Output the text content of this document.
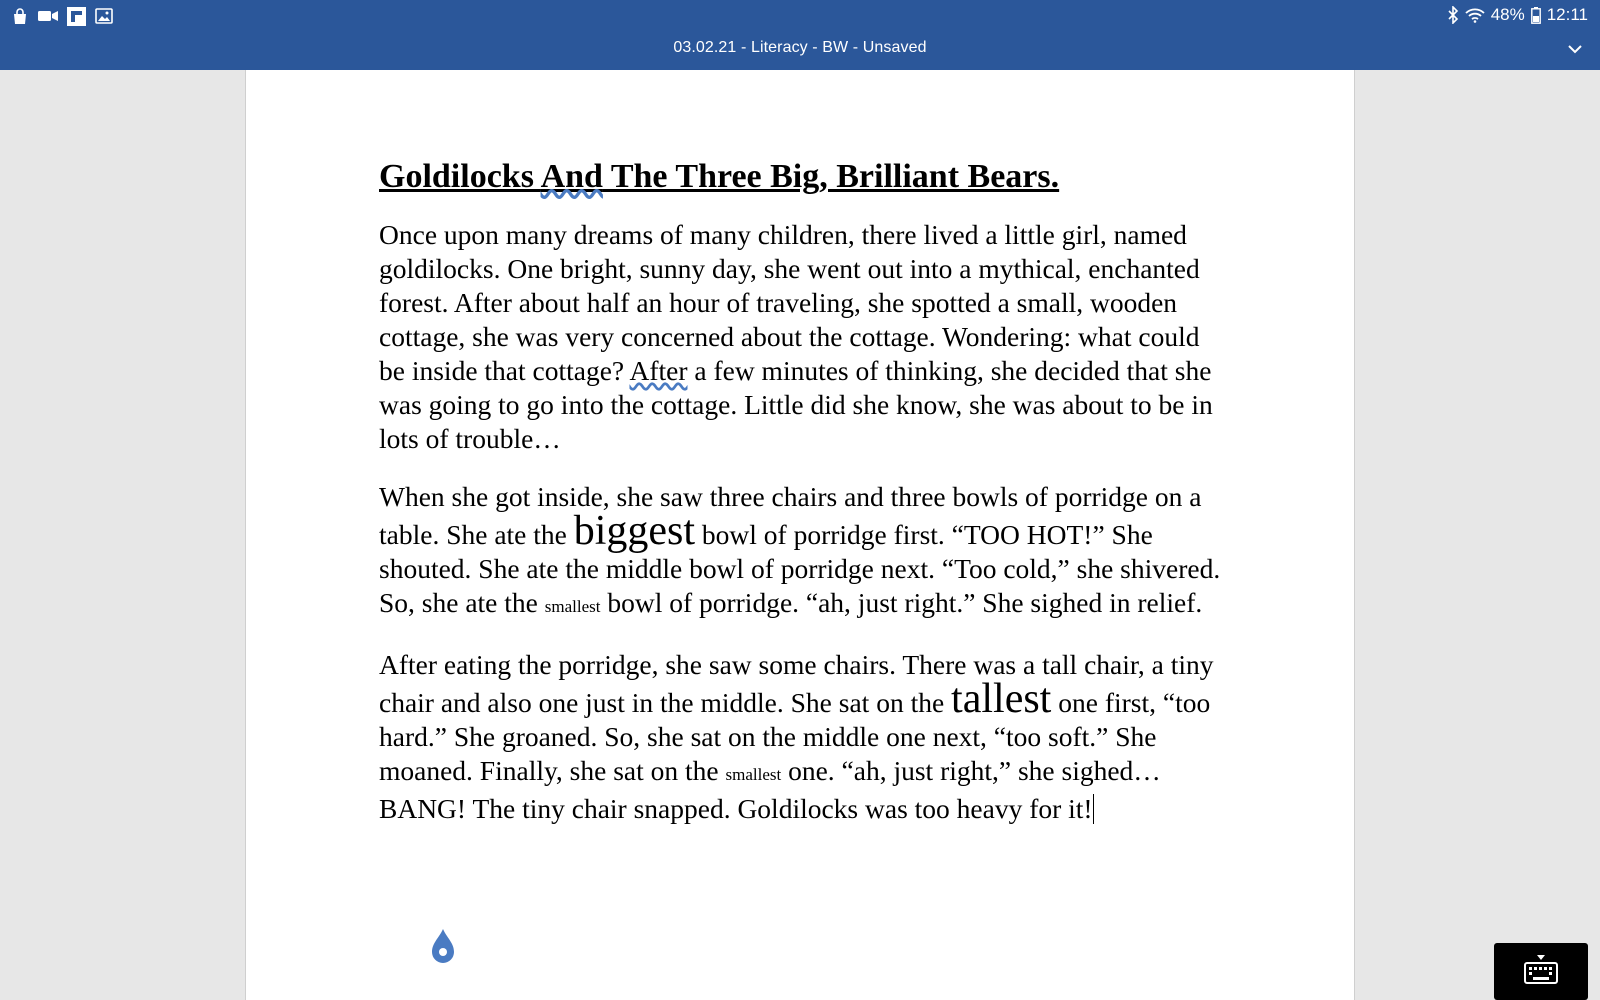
48% 12:11
03.02.21 - Literacy - BW - Unsaved
Goldilocks And The Three Big, Brilliant Bears.
Once upon many dreams of many children, there lived a little girl, named goldilocks. One bright, sunny day, she went out into a mythical, enchanted forest. After about half an hour of traveling, she spotted a small, wooden cottage, she was very concerned about the cottage. Wondering: what could be inside that cottage? After a few minutes of thinking, she decided that she was going to go into the cottage. Little did she know, she was about to be in lots of trouble…
When she got inside, she saw three chairs and three bowls of porridge on a table. She ate the biggest bowl of porridge first. “TOO HOT!” She shouted. She ate the middle bowl of porridge next. “Too cold,” she shivered. So, she ate the smallest bowl of porridge. “ah, just right.” She sighed in relief.
After eating the porridge, she saw some chairs. There was a tall chair, a tiny chair and also one just in the middle. She sat on the tallest one first, “too hard.” She groaned. So, she sat on the middle one next, “too soft.” She moaned. Finally, she sat on the smallest one. “ah, just right,” she sighed… BANG! The tiny chair snapped. Goldilocks was too heavy for it!
